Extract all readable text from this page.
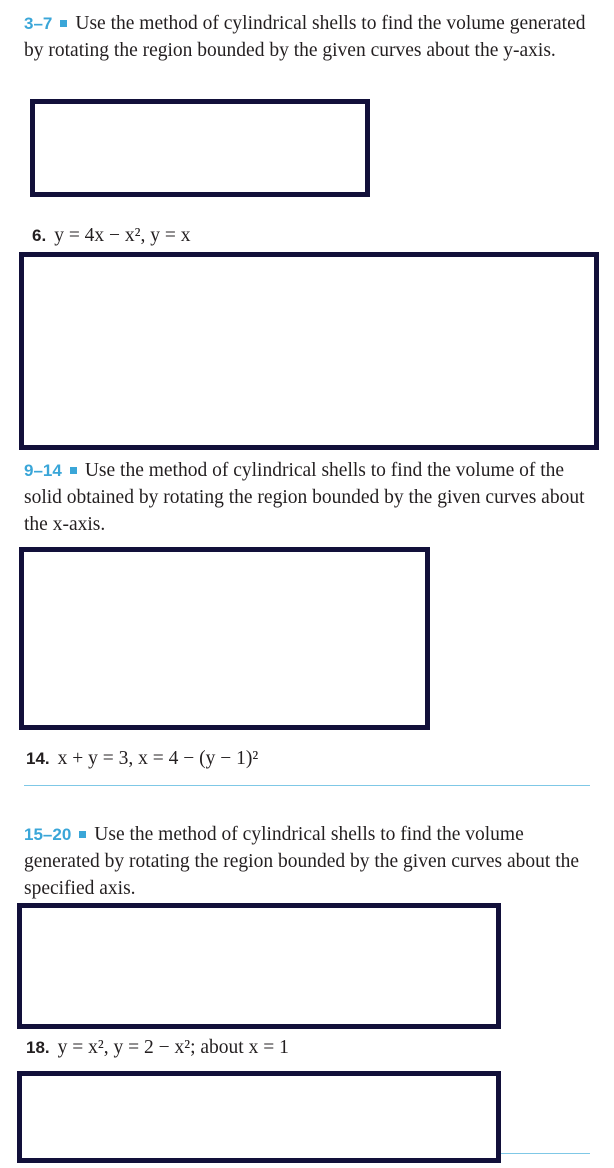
3–7 Use the method of cylindrical shells to find the volume generated by rotating the region bounded by the given curves about the y-axis.

6. y = 4x − x², y = x

9–14 Use the method of cylindrical shells to find the volume of the solid obtained by rotating the region bounded by the given curves about the x-axis.

14. x + y = 3, x = 4 − (y − 1)²

15–20 Use the method of cylindrical shells to find the volume generated by rotating the region bounded by the given curves about the specified axis.

18. y = x², y = 2 − x²; about x = 1
